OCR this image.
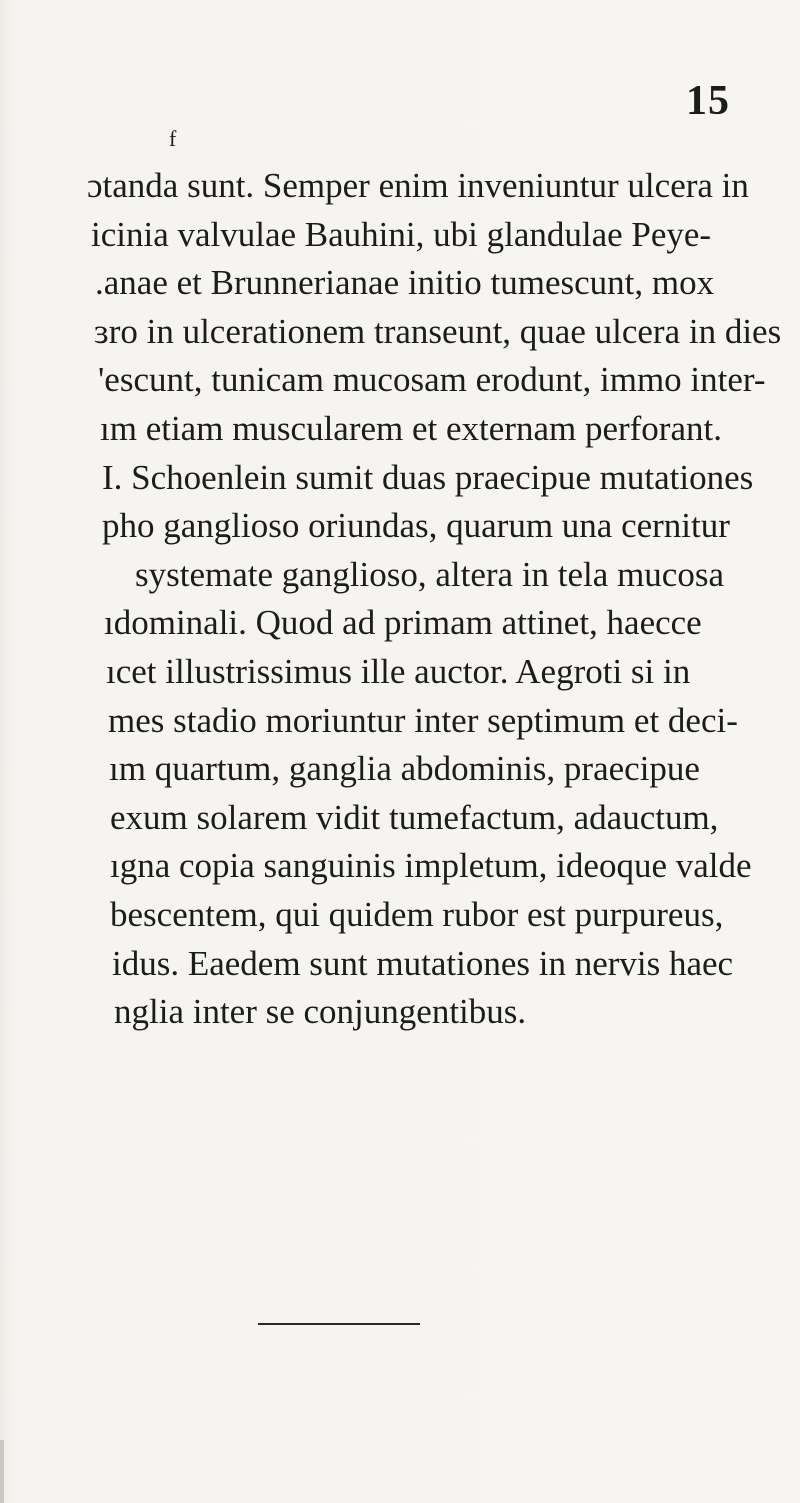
15
f
ɔtanda sunt. Semper enim inveniuntur ulcera in
icinia valvulae Bauhini, ubi glandulae Peye-
.anae et Brunnerianae initio tumescunt, mox
ɜro in ulcerationem transeunt, quae ulcera in dies
'escunt, tunicam mucosam erodunt, immo inter-
ım etiam muscularem et externam perforant.
I. Schoenlein sumit duas praecipue mutationes
pho ganglioso oriundas, quarum una cernitur
systemate ganglioso, altera in tela mucosa
ıdominali. Quod ad primam attinet, haecce
ıcet illustrissimus ille auctor. Aegroti si in
mes stadio moriuntur inter septimum et deci-
ım quartum, ganglia abdominis, praecipue
exum solarem vidit tumefactum, adauctum,
ıgna copia sanguinis impletum, ideoque valde
bescentem, qui quidem rubor est purpureus,
idus. Eaedem sunt mutationes in nervis haec
nglia inter se conjungentibus.
